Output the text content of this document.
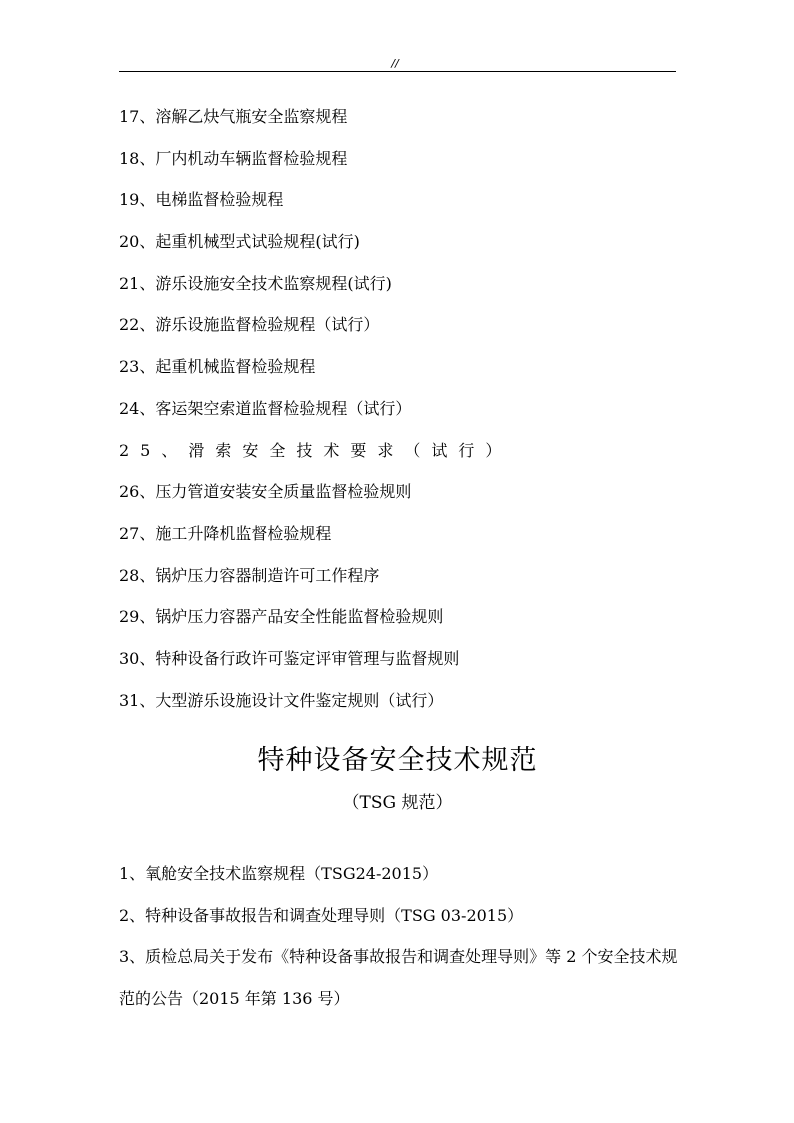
//
17、溶解乙炔气瓶安全监察规程
18、厂内机动车辆监督检验规程
19、电梯监督检验规程
20、起重机械型式试验规程(试行)
21、游乐设施安全技术监察规程(试行)
22、游乐设施监督检验规程（试行）
23、起重机械监督检验规程
24、客运架空索道监督检验规程（试行）
25、滑索安全技术要求（试行）
26、压力管道安装安全质量监督检验规则
27、施工升降机监督检验规程
28、锅炉压力容器制造许可工作程序
29、锅炉压力容器产品安全性能监督检验规则
30、特种设备行政许可鉴定评审管理与监督规则
31、大型游乐设施设计文件鉴定规则（试行）
特种设备安全技术规范
（TSG 规范）
1、氧舱安全技术监察规程（TSG24-2015）
2、特种设备事故报告和调查处理导则（TSG 03-2015）
3、质检总局关于发布《特种设备事故报告和调查处理导则》等 2 个安全技术规范的公告（2015 年第 136 号）
